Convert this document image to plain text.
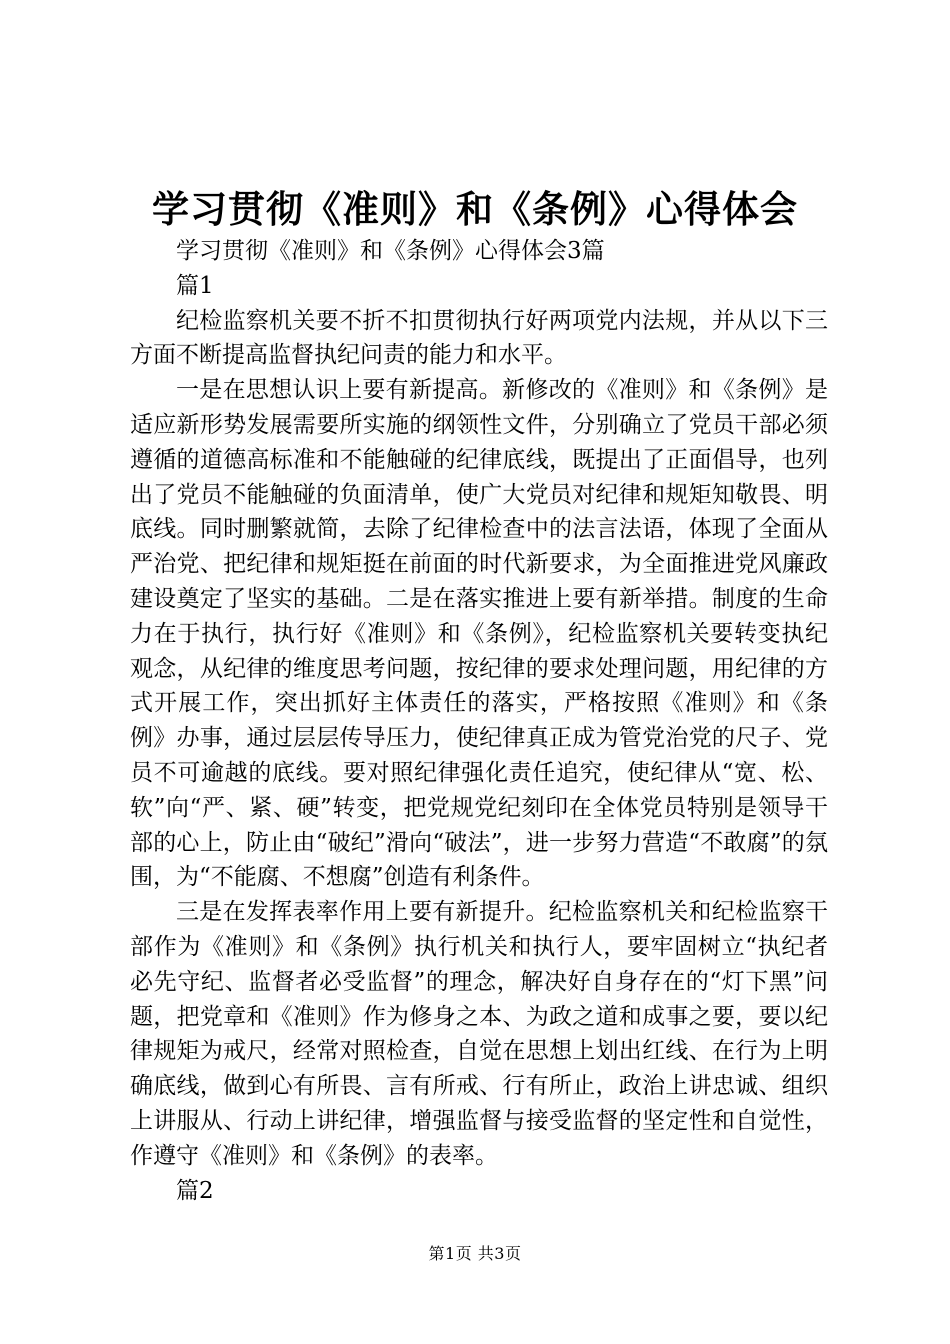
学习贯彻《准则》和《条例》心得体会

学习贯彻《准则》和《条例》心得体会3篇

篇1

纪检监察机关要不折不扣贯彻执行好两项党内法规，并从以下三方面不断提高监督执纪问责的能力和水平。

一是在思想认识上要有新提高。新修改的《准则》和《条例》是适应新形势发展需要所实施的纲领性文件，分别确立了党员干部必须遵循的道德高标准和不能触碰的纪律底线，既提出了正面倡导，也列出了党员不能触碰的负面清单，使广大党员对纪律和规矩知敬畏、明底线。同时删繁就简，去除了纪律检查中的法言法语，体现了全面从严治党、把纪律和规矩挺在前面的时代新要求，为全面推进党风廉政建设奠定了坚实的基础。二是在落实推进上要有新举措。制度的生命力在于执行，执行好《准则》和《条例》，纪检监察机关要转变执纪观念，从纪律的维度思考问题，按纪律的要求处理问题，用纪律的方式开展工作，突出抓好主体责任的落实，严格按照《准则》和《条例》办事，通过层层传导压力，使纪律真正成为管党治党的尺子、党员不可逾越的底线。要对照纪律强化责任追究，使纪律从“宽、松、软”向“严、紧、硬”转变，把党规党纪刻印在全体党员特别是领导干部的心上，防止由“破纪”滑向“破法”，进一步努力营造“不敢腐”的氛围，为“不能腐、不想腐”创造有利条件。

三是在发挥表率作用上要有新提升。纪检监察机关和纪检监察干部作为《准则》和《条例》执行机关和执行人，要牢固树立“执纪者必先守纪、监督者必受监督”的理念，解决好自身存在的“灯下黑”问题，把党章和《准则》作为修身之本、为政之道和成事之要，要以纪律规矩为戒尺，经常对照检查，自觉在思想上划出红线、在行为上明确底线，做到心有所畏、言有所戒、行有所止，政治上讲忠诚、组织上讲服从、行动上讲纪律，增强监督与接受监督的坚定性和自觉性，作遵守《准则》和《条例》的表率。

篇2

第1页 共3页
